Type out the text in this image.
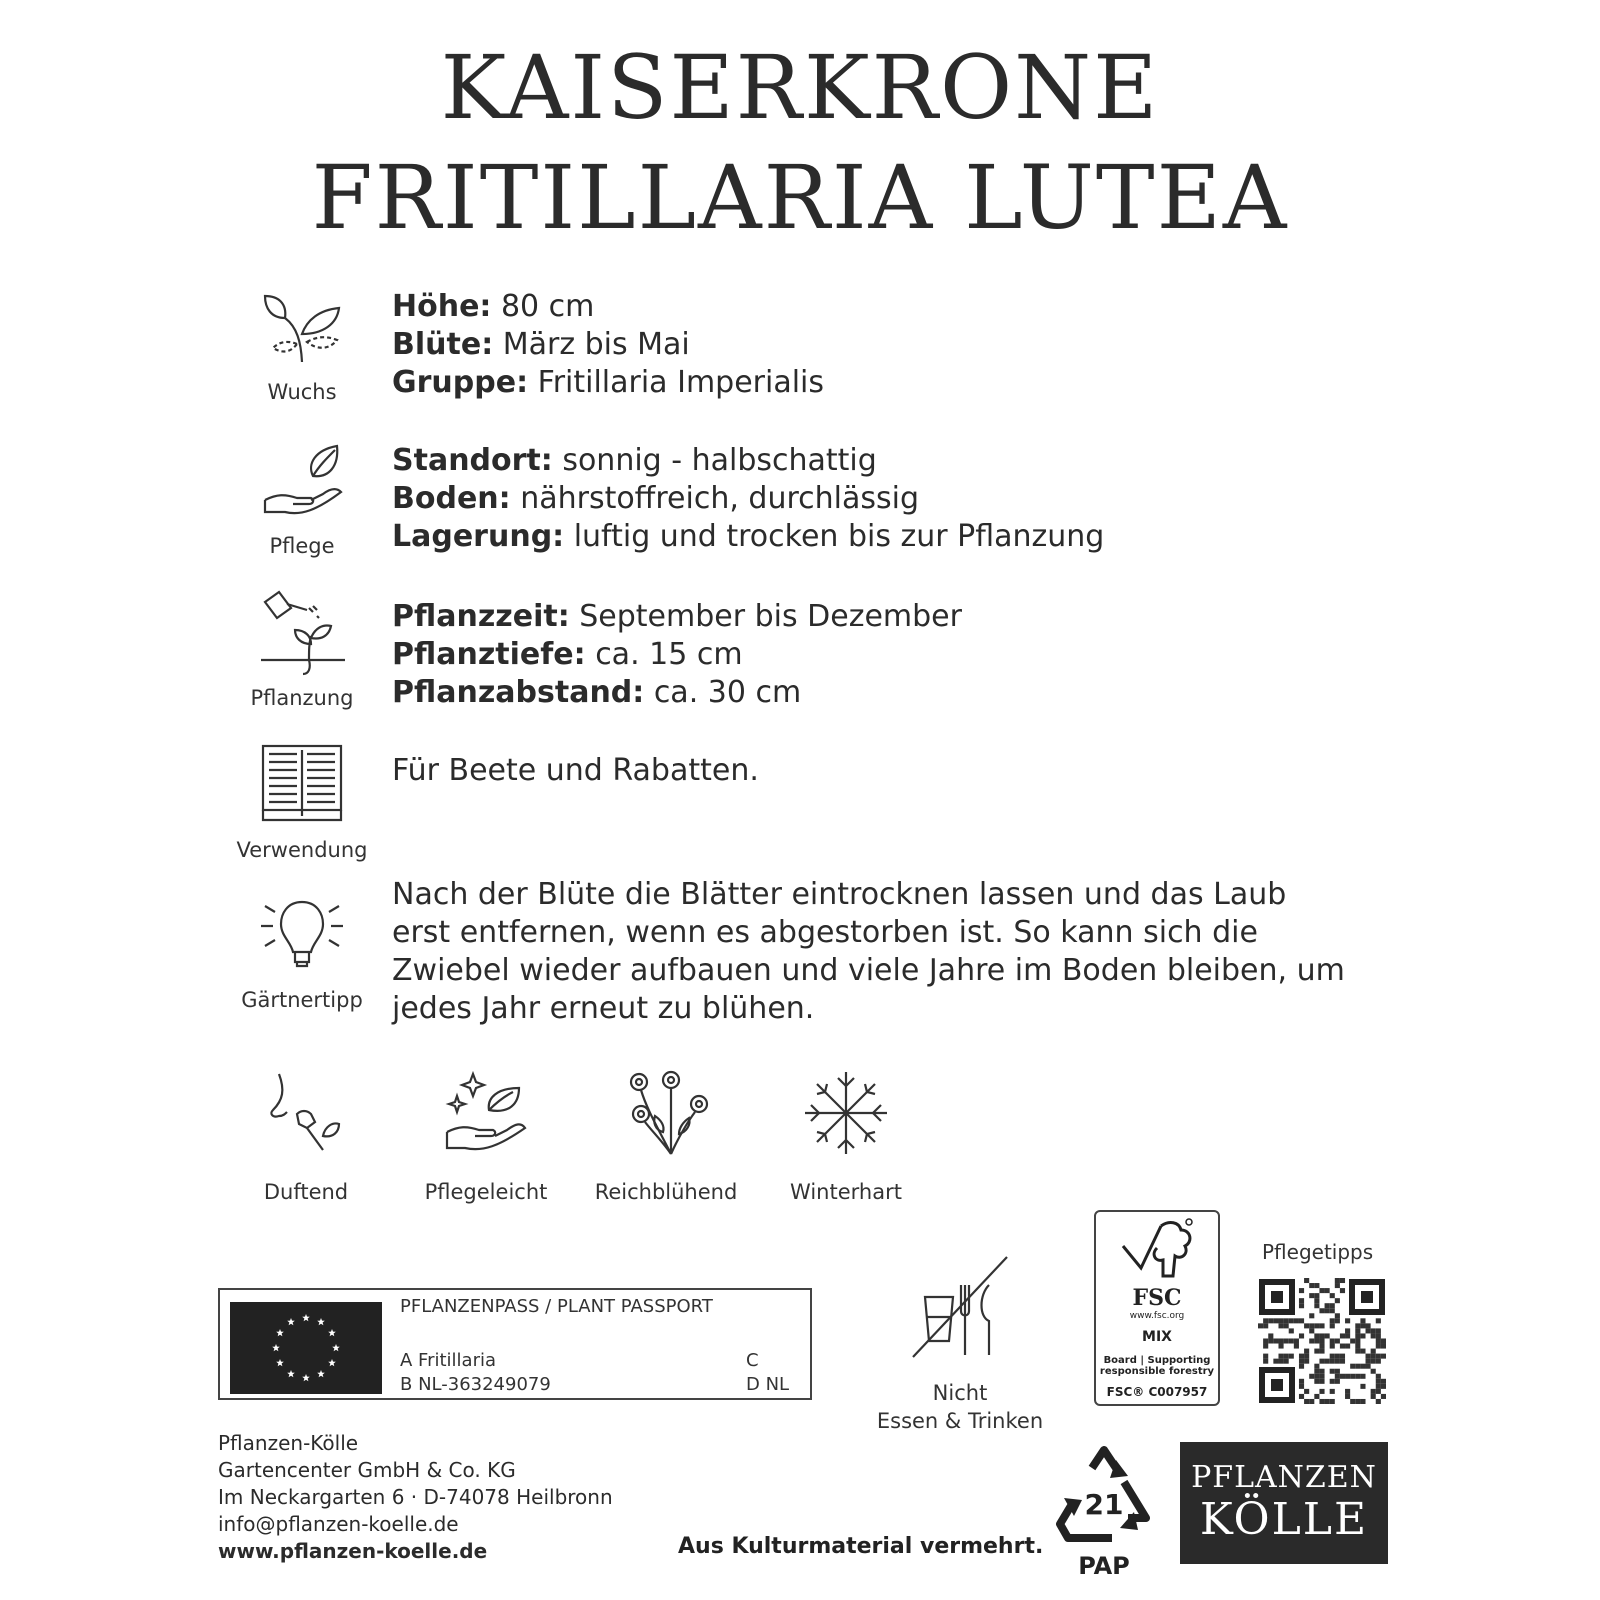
KAISERKRONE
FRITILLARIA LUTEA
Wuchs
Höhe: 80 cm
Blüte: März bis Mai
Gruppe: Fritillaria Imperialis
Pflege
Standort: sonnig - halbschattig
Boden: nährstoffreich, durchlässig
Lagerung: luftig und trocken bis zur Pflanzung
Pflanzung
Pflanzzeit: September bis Dezember
Pflanztiefe: ca. 15 cm
Pflanzabstand: ca. 30 cm
Verwendung
Für Beete und Rabatten.
Gärtnertipp
Nach der Blüte die Blätter eintrocknen lassen und das Laub erst entfernen, wenn es abgestorben ist. So kann sich die Zwiebel wieder aufbauen und viele Jahre im Boden bleiben, um jedes Jahr erneut zu blühen.
Duftend	Pflegeleicht Reichblühend	Winterhart
PFLANZENPASS / PLANT PASSPORT
A Fritillaria
B NL-363249079
C
D NL	Nicht
Essen & Trinken
FSC
www.fsc.org
MIX
Board | Supporting
responsible forestry
FSC® C007957
Pflegetipps
Pflanzen-Kölle
Gartencenter GmbH & Co. KG
Im Neckargarten 6 · D-74078 Heilbronn
info@pflanzen-koelle.de
www.pflanzen-koelle.de	Aus Kulturmaterial vermehrt.
21
PAP
PFLANZEN
KÖLLE
